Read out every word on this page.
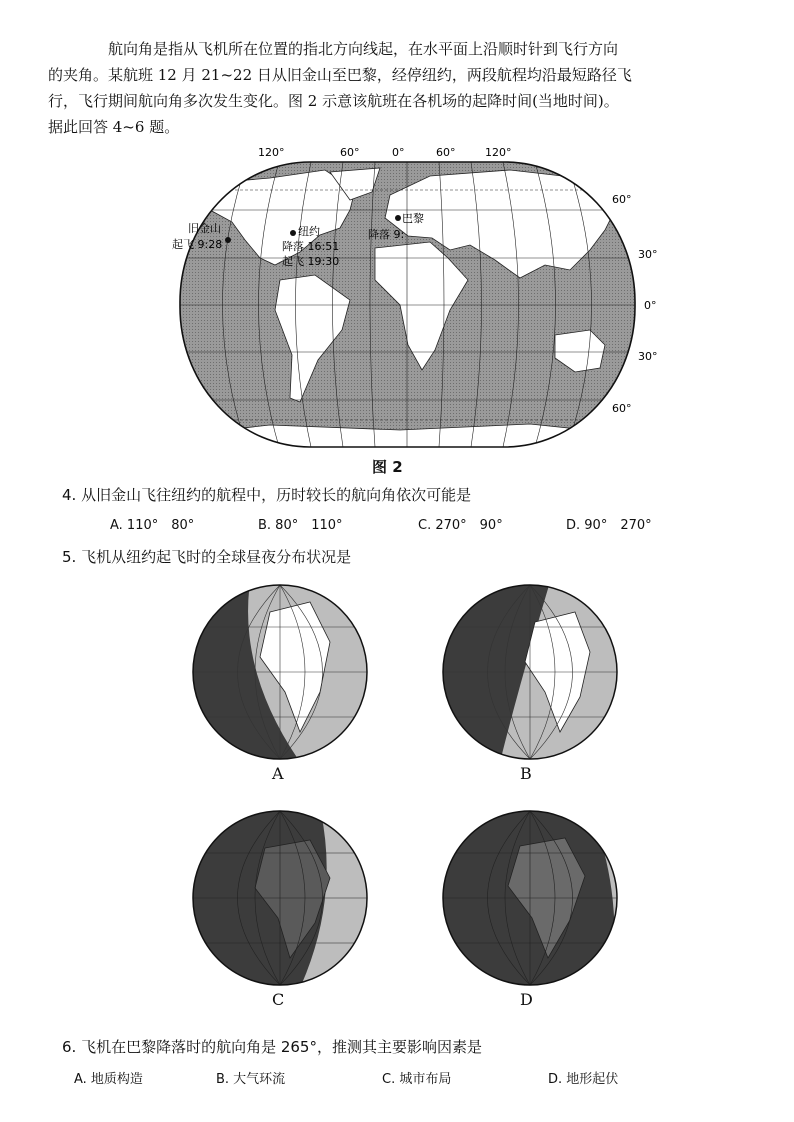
航向角是指从飞机所在位置的指北方向线起，在水平面上沿顺时针到飞行方向
的夹角。某航班 12 月 21~22 日从旧金山至巴黎，经停纽约，两段航程均沿最短路径飞
行，飞行期间航向角多次发生变化。图 2 示意该航班在各机场的起降时间(当地时间)。
据此回答 4~6 题。
120°	60°	0°	60°	120°
60°
30°
0°
30°
60°
旧金山
起飞 9:28
纽约
降落 16:51
起飞 19:30
巴黎
降落 9:
图 2
4. 从旧金山飞往纽约的航程中，历时较长的航向角依次可能是
A. 110°　80°	B. 80°　110°	C. 270°　90°	D. 90°　270°
5. 飞机从纽约起飞时的全球昼夜分布状况是
A	B
C	D
6. 飞机在巴黎降落时的航向角是 265°，推测其主要影响因素是
A. 地质构造	B. 大气环流	C. 城市布局	D. 地形起伏
